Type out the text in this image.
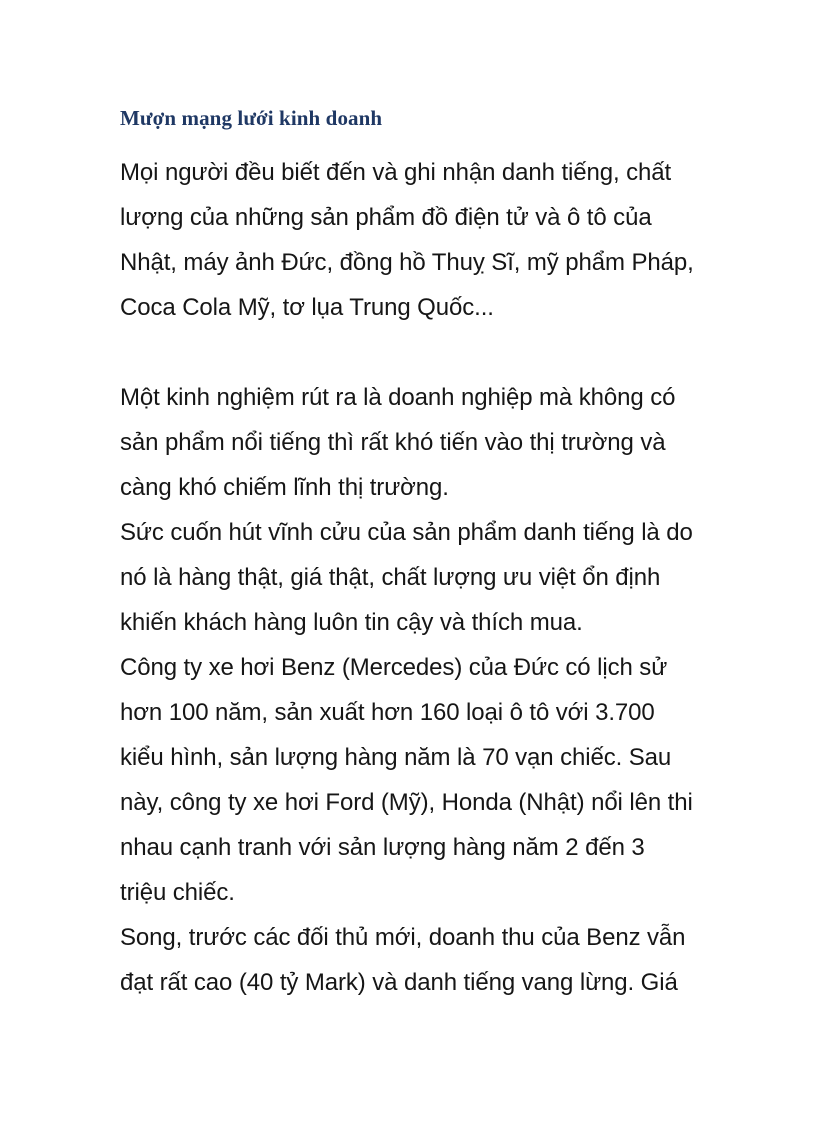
Mượn mạng lưới kinh doanh

Mọi người đều biết đến và ghi nhận danh tiếng, chất lượng của những sản phẩm đồ điện tử và ô tô của Nhật, máy ảnh Đức, đồng hồ Thuỵ Sĩ, mỹ phẩm Pháp, Coca Cola Mỹ, tơ lụa Trung Quốc...

Một kinh nghiệm rút ra là doanh nghiệp mà không có sản phẩm nổi tiếng thì rất khó tiến vào thị trường và càng khó chiếm lĩnh thị trường.

Sức cuốn hút vĩnh cửu của sản phẩm danh tiếng là do nó là hàng thật, giá thật, chất lượng ưu việt ổn định khiến khách hàng luôn tin cậy và thích mua.

Công ty xe hơi Benz (Mercedes) của Đức có lịch sử hơn 100 năm, sản xuất hơn 160 loại ô tô với 3.700 kiểu hình, sản lượng hàng năm là 70 vạn chiếc. Sau này, công ty xe hơi Ford (Mỹ), Honda (Nhật) nổi lên thi nhau cạnh tranh với sản lượng hàng năm 2 đến 3 triệu chiếc.

Song, trước các đối thủ mới, doanh thu của Benz vẫn đạt rất cao (40 tỷ Mark) và danh tiếng vang lừng. Giá
